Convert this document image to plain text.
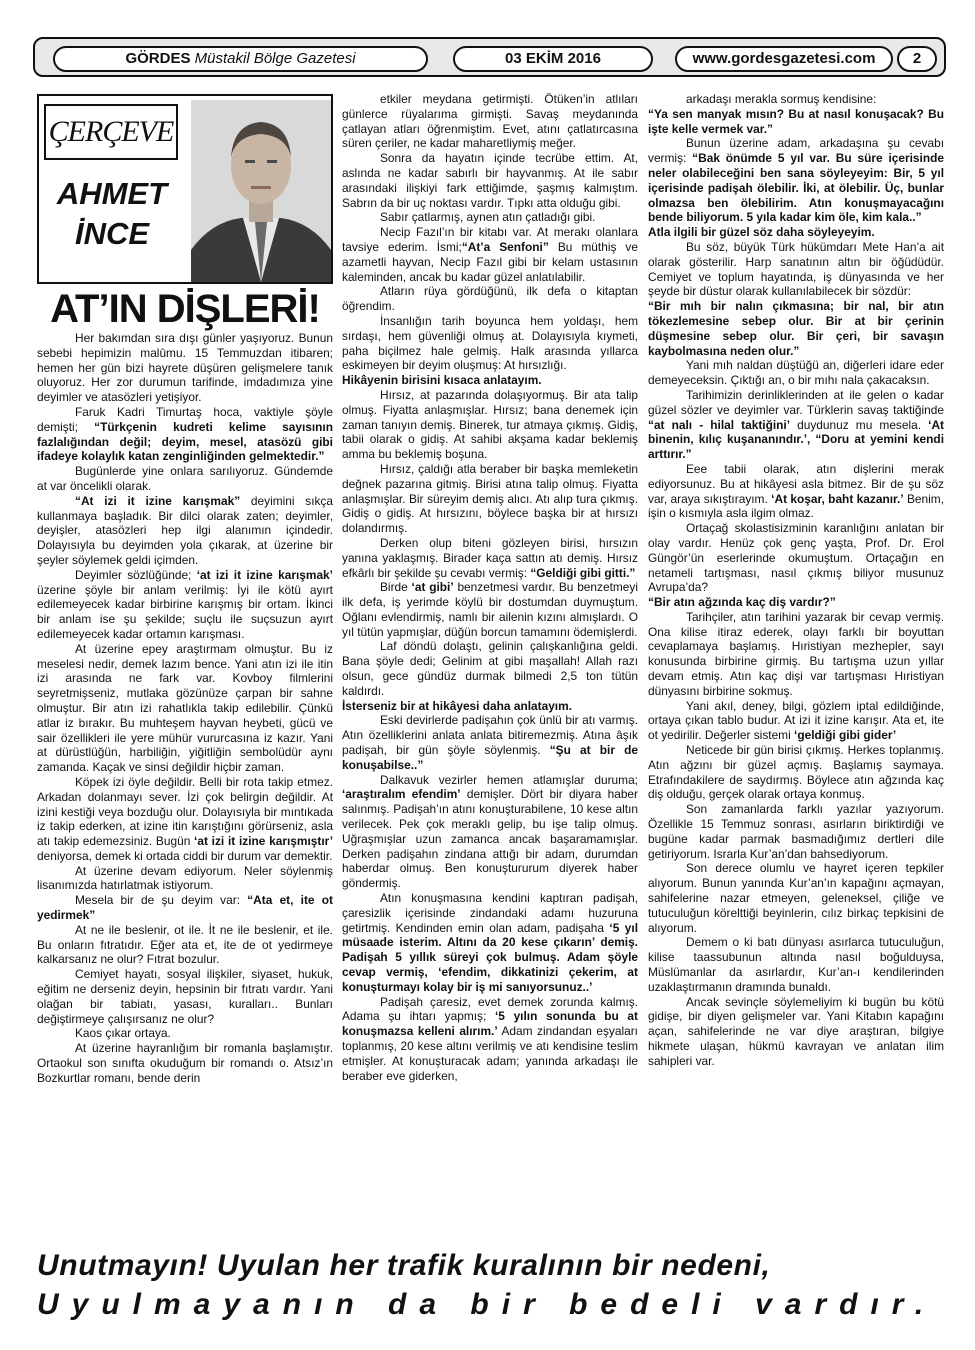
GÖRDES Müstakil Bölge Gazetesi	03 EKİM 2016	www.gordesgazetesi.com	2
ÇERÇEVE
AHMET
İNCE
AT’IN DİŞLERİ!

Her bakımdan sıra dışı günler yaşıyoruz. Bunun sebebi hepimizin malûmu. 15 Temmuzdan itibaren; hemen her gün bizi hayrete düşüren gelişmelere tanık oluyoruz. Her zor durumun tarifinde, imdadımıza yine deyimler ve atasözleri yetişiyor.

Faruk Kadri Timurtaş hoca, vaktiyle şöyle demişti; “Türkçenin kudreti kelime sayısının fazlalığından değil; deyim, mesel, atasözü gibi ifadeye kolaylık katan zenginliğinden gelmektedir.”

Bugünlerde yine onlara sarılıyoruz. Gündemde at var öncelikli olarak.

“At izi it izine karışmak” deyimini sıkça kullanmaya başladık. Bir dilci olarak zaten; deyimler, deyişler, atasözleri hep ilgi alanımın içindedir. Dolayısıyla bu deyimden yola çıkarak, at üzerine bir şeyler söylemek geldi içimden.

Deyimler sözlüğünde; ‘at izi it izine karışmak’ üzerine şöyle bir anlam verilmiş: İyi ile kötü ayırt edilemeyecek kadar birbirine karışmış bir ortam. İkinci bir anlam ise şu şekilde; suçlu ile suçsuzun ayırt edilemeyecek kadar ortamın karışması.

At üzerine epey araştırmam olmuştur. Bu iz meselesi nedir, demek lazım bence. Yani atın izi ile itin izi arasında ne fark var. Kovboy filmlerini seyretmişseniz, mutlaka gözünüze çarpan bir sahne olmuştur. Bir atın izi rahatlıkla takip edilebilir. Çünkü atlar iz bırakır. Bu muhteşem hayvan heybeti, gücü ve sair özellikleri ile yere mühür vururcasına iz kazır. Yani at dürüstlüğün, harbiliğin, yiğitliğin sembolüdür aynı zamanda. Kaçak ve sinsi değildir hiçbir zaman.

Köpek izi öyle değildir. Belli bir rota takip etmez. Arkadan dolanmayı sever. İzi çok belirgin değildir. At izini kestiği veya bozduğu olur. Dolayısıyla bir mıntıkada iz takip ederken, at izine itin karıştığını görürseniz, asla atı takip edemezsiniz. Bugün ‘at izi it izine karışmıştır’ deniyorsa, demek ki ortada ciddi bir durum var demektir.

At üzerine devam ediyorum. Neler söylenmiş lisanımızda hatırlatmak istiyorum.

Mesela bir de şu deyim var: “Ata et, ite ot yedirmek”

At ne ile beslenir, ot ile. İt ne ile beslenir, et ile. Bu onların fıtratıdır. Eğer ata et, ite de ot yedirmeye kalkarsanız ne olur? Fıtrat bozulur.

Cemiyet hayatı, sosyal ilişkiler, siyaset, hukuk, eğitim ne derseniz deyin, hepsinin bir fıtratı vardır. Yani olağan bir tabiatı, yasası, kuralları.. Bunları değiştirmeye çalışırsanız ne olur?

Kaos çıkar ortaya.

At üzerine hayranlığım bir romanla başlamıştır. Ortaokul son sınıfta okuduğum bir romandı o. Atsız’ın Bozkurtlar romanı, bende derin

etkiler meydana getirmişti. Ötüken’in atlıları günlerce rüyalarıma girmişti. Savaş meydanında çatlayan atları öğrenmiştim. Evet, atını çatlatırcasına süren çeriler, ne kadar maharetliymiş meğer.

Sonra da hayatın içinde tecrübe ettim. At, aslında ne kadar sabırlı bir hayvanmış. At ile sabır arasındaki ilişkiyi fark ettiğimde, şaşmış kalmıştım. Sabrın da bir uç noktası vardır. Tıpkı atta olduğu gibi.

Sabır çatlarmış, aynen atın çatladığı gibi.

Necip Fazıl’ın bir kitabı var. At merakı olanlara tavsiye ederim. İsmi;“At’a Senfoni” Bu müthiş ve azametli hayvan, Necip Fazıl gibi bir kelam ustasının kaleminden, ancak bu kadar güzel anlatılabilir.

Atların rüya gördüğünü, ilk defa o kitaptan öğrendim.

İnsanlığın tarih boyunca hem yoldaşı, hem sırdaşı, hem güvenliği olmuş at. Dolayısıyla kıymeti, paha biçilmez hale gelmiş. Halk arasında yıllarca eskimeyen bir deyim oluşmuş: At hırsızlığı.

Hikâyenin birisini kısaca anlatayım.

Hırsız, at pazarında dolaşıyormuş. Bir ata talip olmuş. Fiyatta anlaşmışlar. Hırsız; bana denemek için zaman tanıyın demiş. Binerek, tur atmaya çıkmış. Gidiş, tabii olarak o gidiş. At sahibi akşama kadar beklemiş amma bu beklemiş boşuna.

Hırsız, çaldığı atla beraber bir başka memleketin değnek pazarına gitmiş. Birisi atına talip olmuş. Fiyatta anlaşmışlar. Bir süreyim demiş alıcı. Atı alıp tura çıkmış. Gidiş o gidiş. At hırsızını, böylece başka bir at hırsızı dolandırmış.

Derken olup biteni gözleyen birisi, hırsızın yanına yaklaşmış. Birader kaça sattın atı demiş. Hırsız efkârlı bir şekilde şu cevabı vermiş: “Geldiği gibi gitti.”

Birde ‘at gibi’ benzetmesi vardır. Bu benzetmeyi ilk defa, iş yerimde köylü bir dostumdan duymuştum. Oğlanı evlendirmiş, namlı bir ailenin kızını almışlardı. O yıl tütün yapmışlar, düğün borcun tamamını ödemişlerdi.

Laf döndü dolaştı, gelinin çalışkanlığına geldi. Bana şöyle dedi; Gelinim at gibi maşallah! Allah razı olsun, gece gündüz durmak bilmedi 2,5 ton tütün kaldırdı.

İsterseniz bir at hikâyesi daha anlatayım.

Eski devirlerde padişahın çok ünlü bir atı varmış. Atın özelliklerini anlata anlata bitiremezmiş. Atına âşık padişah, bir gün şöyle söylenmiş. “Şu at bir de konuşabilse..”

Dalkavuk vezirler hemen atlamışlar duruma; ‘araştıralım efendim’ demişler. Dört bir diyara haber salınmış. Padişah’ın atını konuşturabilene, 10 kese altın verilecek. Pek çok meraklı gelip, bu işe talip olmuş. Uğraşmışlar uzun zamanca ancak başaramamışlar. Derken padişahın zindana attığı bir adam, durumdan haberdar olmuş. Ben konuştururum diyerek haber göndermiş.

Atın konuşmasına kendini kaptıran padişah, çaresizlik içerisinde zindandaki adamı huzuruna getirtmiş. Kendinden emin olan adam, padişaha ‘5 yıl müsaade isterim. Altını da 20 kese çıkarın’ demiş. Padişah 5 yıllık süreyi çok bulmuş. Adam şöyle cevap vermiş, ‘efendim, dikkatinizi çekerim, at konuşturmayı kolay bir iş mi sanıyorsunuz..’

Padişah çaresiz, evet demek zorunda kalmış. Adama şu ihtarı yapmış; ‘5 yılın sonunda bu at konuşmazsa kelleni alırım.’ Adam zindandan eşyaları toplanmış, 20 kese altını verilmiş ve atı kendisine teslim etmişler. At konuşturacak adam; yanında arkadaşı ile beraber eve giderken,

arkadaşı merakla sormuş kendisine:

“Ya sen manyak mısın? Bu at nasıl konuşacak? Bu işte kelle vermek var.”

Bunun üzerine adam, arkadaşına şu cevabı vermiş: “Bak önümde 5 yıl var. Bu süre içerisinde neler olabileceğini ben sana söyleyeyim: Bir, 5 yıl içerisinde padişah ölebilir. İki, at ölebilir. Üç, bunlar olmazsa ben ölebilirim. Atın konuşmayacağını bende biliyorum. 5 yıla kadar kim öle, kim kala..”

Atla ilgili bir güzel söz daha söyleyeyim.

Bu söz, büyük Türk hükümdarı Mete Han’a ait olarak gösterilir. Harp sanatının altın bir öğüdüdür. Cemiyet ve toplum hayatında, iş dünyasında ve her şeyde bir düstur olarak kullanılabilecek bir sözdür:

“Bir mıh bir nalın çıkmasına; bir nal, bir atın tökezlemesine sebep olur. Bir at bir çerinin düşmesine sebep olur. Bir çeri, bir savaşın kaybolmasına neden olur.”

Yani mıh naldan düştüğü an, diğerleri idare eder demeyeceksin. Çıktığı an, o bir mıhı nala çakacaksın.

Tarihimizin derinliklerinden at ile gelen o kadar güzel sözler ve deyimler var. Türklerin savaş taktiğinde “at nalı - hilal taktiğini’ duydunuz mu mesela. ‘At binenin, kılıç kuşananındır.’, “Doru at yemini kendi arttırır.”

Eee tabii olarak, atın dişlerini merak ediyorsunuz. Bu at hikâyesi asla bitmez. Bir de şu söz var, araya sıkıştırayım. ‘At koşar, baht kazanır.’ Benim, işin o kısmıyla asla ilgim olmaz.

Ortaçağ skolastisizminin karanlığını anlatan bir olay vardır. Henüz çok genç yaşta, Prof. Dr. Erol Güngör’ün eserlerinde okumuştum. Ortaçağın en netameli tartışması, nasıl çıkmış biliyor musunuz Avrupa’da?

“Bir atın ağzında kaç diş vardır?”

Tarihçiler, atın tarihini yazarak bir cevap vermiş. Ona kilise itiraz ederek, olayı farklı bir boyuttan cevaplamaya başlamış. Hıristiyan mezhepler, sayı konusunda birbirine girmiş. Bu tartışma uzun yıllar devam etmiş. Atın kaç dişi var tartışması Hıristiyan dünyasını birbirine sokmuş.

Yani akıl, deney, bilgi, gözlem iptal edildiğinde, ortaya çıkan tablo budur. At izi it izine karışır. Ata et, ite ot yedirilir. Değerler sistemi ‘geldiği gibi gider’

Neticede bir gün birisi çıkmış. Herkes toplanmış. Atın ağzını bir güzel açmış. Başlamış saymaya. Etrafındakilere de saydırmış. Böylece atın ağzında kaç diş olduğu, gerçek olarak ortaya konmuş.

Son zamanlarda farklı yazılar yazıyorum. Özellikle 15 Temmuz sonrası, asırların biriktirdiği ve bugüne kadar parmak basmadığımız dertleri dile getiriyorum. Israrla Kur’an’dan bahsediyorum.

Son derece olumlu ve hayret içeren tepkiler alıyorum. Bunun yanında Kur’an’ın kapağını açmayan, sahifelerine nazar etmeyen, geleneksel, çiliğe ve tutuculuğun körelttiği beyinlerin, cılız birkaç tepkisini de alıyorum.

Demem o ki batı dünyası asırlarca tutuculuğun, kilise taassubunun altında nasıl boğulduysa, Müslümanlar da asırlardır, Kur’an-ı kendilerinden uzaklaştırmanın dramında bunaldı.

Ancak sevinçle söylemeliyim ki bugün bu kötü gidişe, bir diyen gelişmeler var. Yani Kitabın kapağını açan, sahifelerinde ne var diye araştıran, bilgiye hikmete ulaşan, hükmü kavrayan ve anlatan ilim sahipleri var.

Unutmayın! Uyulan her trafik kuralının bir nedeni,
Uyulmayanın da bir bedeli vardır.
